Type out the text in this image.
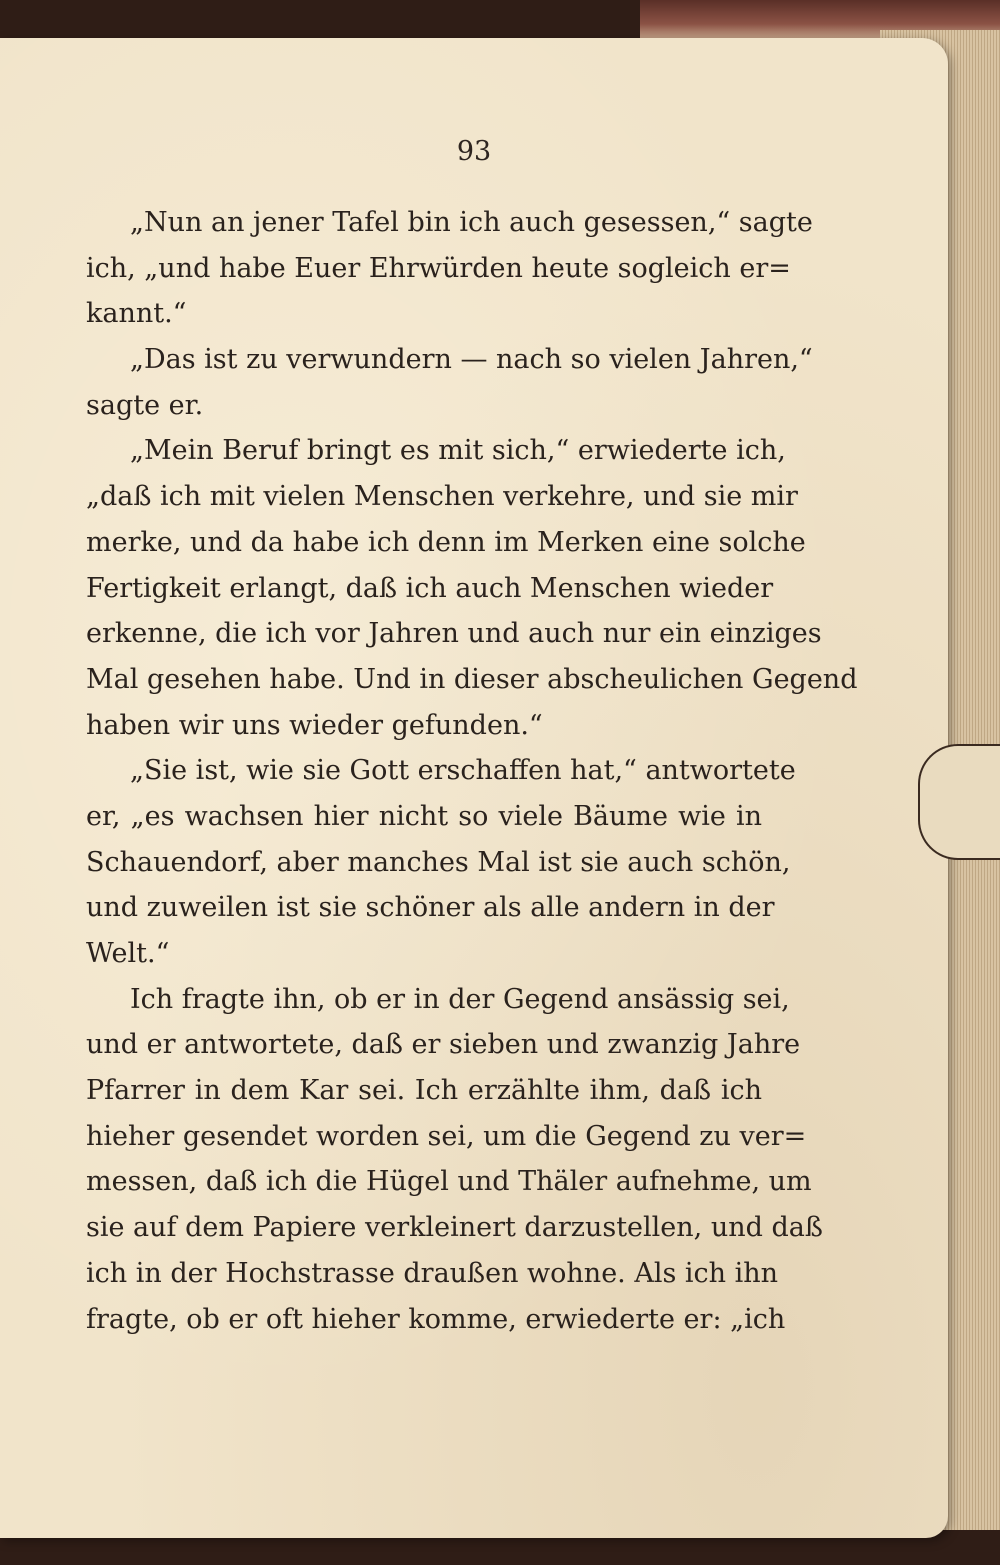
93
„Nun an jener Tafel bin ich auch gesessen,“ sagte
ich, „und habe Euer Ehrwürden heute sogleich er=
kannt.“
„Das ist zu verwundern — nach so vielen Jahren,“
sagte er.
„Mein Beruf bringt es mit sich,“ erwiederte ich,
„daß ich mit vielen Menschen verkehre, und sie mir
merke, und da habe ich denn im Merken eine solche
Fertigkeit erlangt, daß ich auch Menschen wieder
erkenne, die ich vor Jahren und auch nur ein einziges
Mal gesehen habe. Und in dieser abscheulichen Gegend
haben wir uns wieder gefunden.“
„Sie ist, wie sie Gott erschaffen hat,“ antwortete
er, „es wachsen hier nicht so viele Bäume wie in
Schauendorf, aber manches Mal ist sie auch schön,
und zuweilen ist sie schöner als alle andern in der
Welt.“
Ich fragte ihn, ob er in der Gegend ansässig sei,
und er antwortete, daß er sieben und zwanzig Jahre
Pfarrer in dem Kar sei. Ich erzählte ihm, daß ich
hieher gesendet worden sei, um die Gegend zu ver=
messen, daß ich die Hügel und Thäler aufnehme, um
sie auf dem Papiere verkleinert darzustellen, und daß
ich in der Hochstrasse draußen wohne. Als ich ihn
fragte, ob er oft hieher komme, erwiederte er: „ich
